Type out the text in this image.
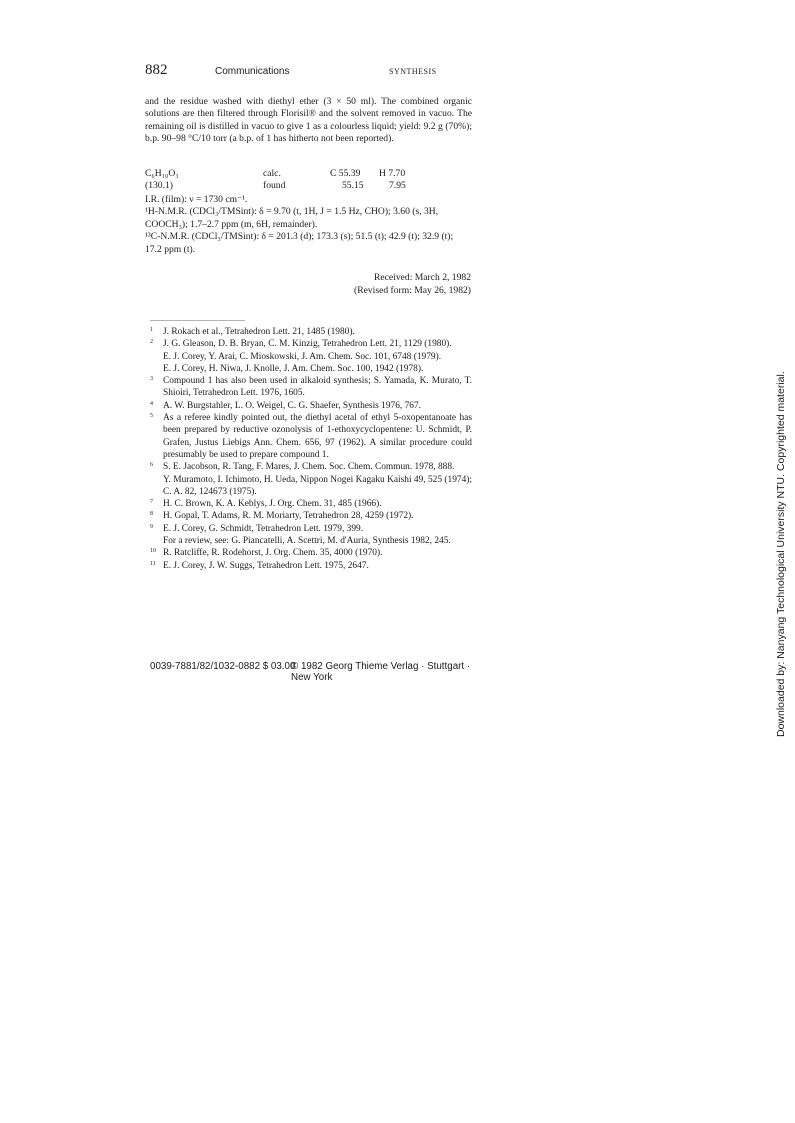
882	Communications	SYNTHESIS

and the residue washed with diethyl ether (3 × 50 ml). The combined organic solutions are then filtered through Florisil® and the solvent removed in vacuo. The remaining oil is distilled in vacuo to give 1 as a colourless liquid; yield: 9.2 g (70%); b.p. 90–98 °C/10 torr (a b.p. of 1 has hitherto not been reported).

C₆H₁₀O₃	calc.	C 55.39 H 7.70
(130.1)	found	55.15	7.95

I.R. (film): ν = 1730 cm⁻¹.

¹H-N.M.R. (CDCl₃/TMSint): δ = 9.70 (t, 1H, J = 1.5 Hz, CHO); 3.60 (s, 3H, COOCH₃); 1.7–2.7 ppm (m, 6H, remainder).

¹³C-N.M.R. (CDCl₃/TMSint): δ = 201.3 (d); 173.3 (s); 51.5 (t); 42.9 (t); 32.9 (t); 17.2 ppm (t).

Received: March 2, 1982
(Revised form: May 26, 1982)
1 J. Rokach et al., Tetrahedron Lett. 21, 1485 (1980).

2 J. G. Gleason, D. B. Bryan, C. M. Kinzig, Tetrahedron Lett. 21, 1129 (1980).

E. J. Corey, Y. Arai, C. Mioskowski, J. Am. Chem. Soc. 101, 6748 (1979).

E. J. Corey, H. Niwa, J. Knolle, J. Am. Chem. Soc. 100, 1942 (1978).

3 Compound 1 has also been used in alkaloid synthesis; S. Yamada, K. Murato, T. Shioiri, Tetrahedron Lett. 1976, 1605.

4 A. W. Burgstahler, L. O. Weigel, C. G. Shaefer, Synthesis 1976, 767.

5 As a referee kindly pointed out, the diethyl acetal of ethyl 5-oxopentanoate has been prepared by reductive ozonolysis of 1-ethoxycyclopentene: U. Schmidt, P. Grafen, Justus Liebigs Ann. Chem. 656, 97 (1962). A similar procedure could presumably be used to prepare compound 1.

6 S. E. Jacobson, R. Tang, F. Mares, J. Chem. Soc. Chem. Commun. 1978, 888.

Y. Muramoto, I. Ichimoto, H. Ueda, Nippon Nogei Kagaku Kaishi 49, 525 (1974); C. A. 82, 124673 (1975).

7 H. C. Brown, K. A. Keblys, J. Org. Chem. 31, 485 (1966).

8 H. Gopal, T. Adams, R. M. Moriarty, Tetrahedron 28, 4259 (1972).

9 E. J. Corey, G. Schmidt, Tetrahedron Lett. 1979, 399.

For a review, see: G. Piancatelli, A. Scettri, M. d'Auria, Synthesis 1982, 245.

10 R. Ratcliffe, R. Rodehorst, J. Org. Chem. 35, 4000 (1970).

11 E. J. Corey, J. W. Suggs, Tetrahedron Lett. 1975, 2647.

0039-7881/82/1032-0882 $ 03.00
© 1982 Georg Thieme Verlag · Stuttgart · New York	Downloaded by: Nanyang Technological University NTU. Copyrighted material.
